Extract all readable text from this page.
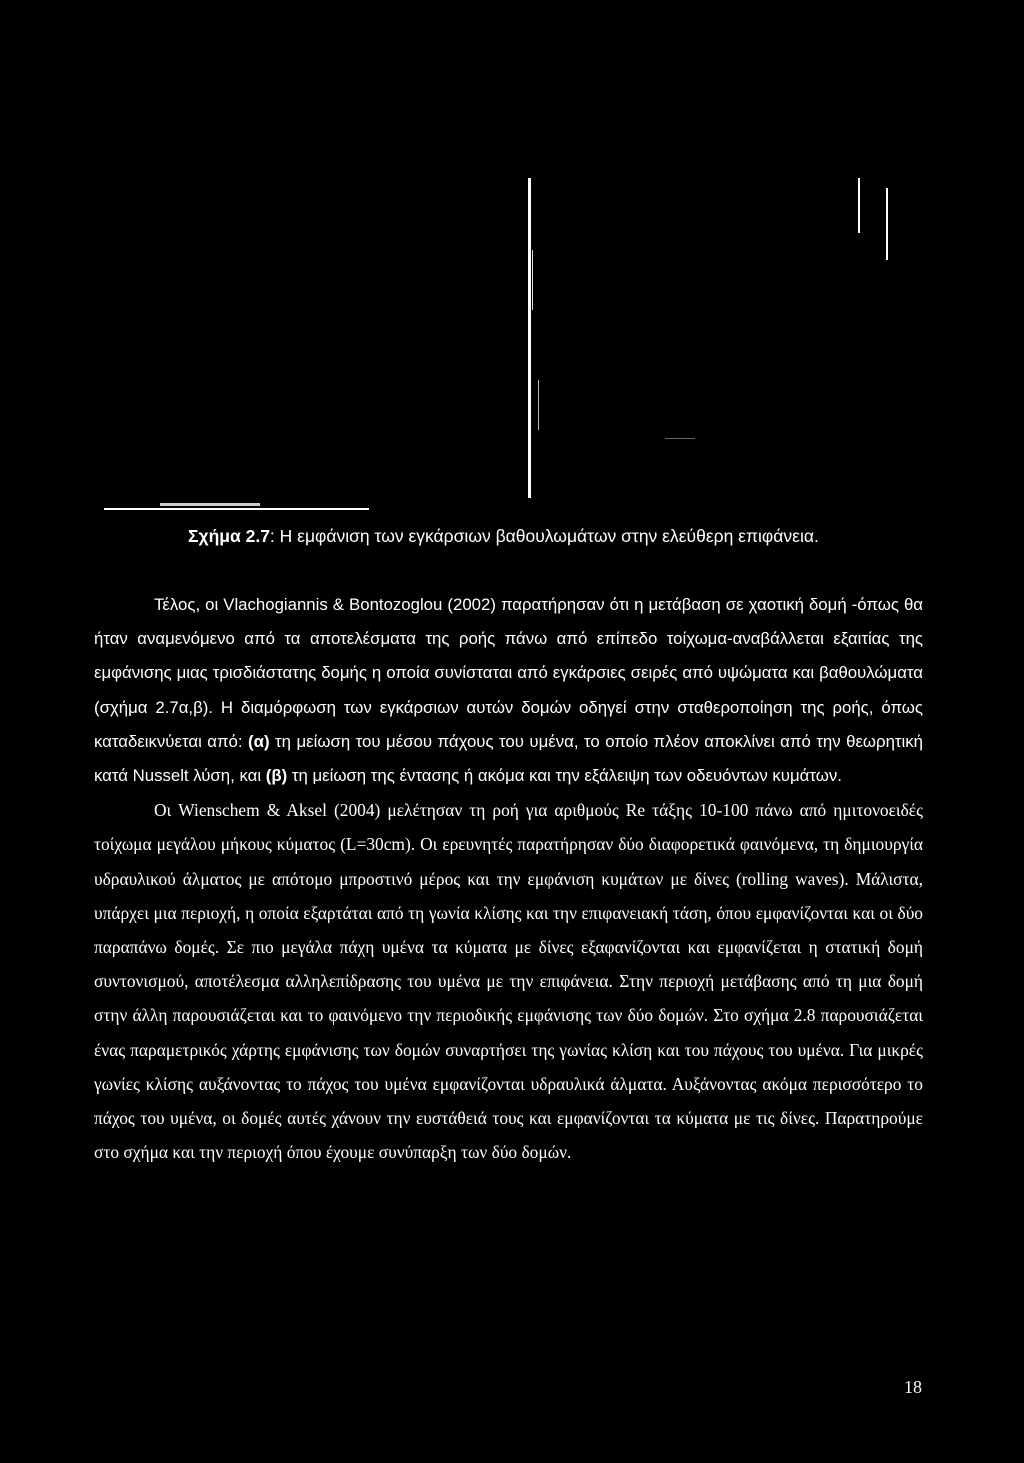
Σχήμα 2.7: Η εμφάνιση των εγκάρσιων βαθουλωμάτων στην ελεύθερη επιφάνεια.

Τέλος, οι Vlachogiannis & Bontozoglou (2002) παρατήρησαν ότι η μετάβαση σε χαοτική δομή -όπως θα ήταν αναμενόμενο από τα αποτελέσματα της ροής πάνω από επίπεδο τοίχωμα-αναβάλλεται εξαιτίας της εμφάνισης μιας τρισδιάστατης δομής η οποία συνίσταται από εγκάρσιες σειρές από υψώματα και βαθουλώματα (σχήμα 2.7α,β). Η διαμόρφωση των εγκάρσιων αυτών δομών οδηγεί στην σταθεροποίηση της ροής, όπως καταδεικνύεται από: (α) τη μείωση του μέσου πάχους του υμένα, το οποίο πλέον αποκλίνει από την θεωρητική κατά Nusselt λύση, και (β) τη μείωση της έντασης ή ακόμα και την εξάλειψη των οδευόντων κυμάτων.

Οι Wienschem & Aksel (2004) μελέτησαν τη ροή για αριθμούς Re τάξης 10-100 πάνω από ημιτονοειδές τοίχωμα μεγάλου μήκους κύματος (L=30cm). Οι ερευνητές παρατήρησαν δύο διαφορετικά φαινόμενα, τη δημιουργία υδραυλικού άλματος με απότομο μπροστινό μέρος και την εμφάνιση κυμάτων με δίνες (rolling waves). Μάλιστα, υπάρχει μια περιοχή, η οποία εξαρτάται από τη γωνία κλίσης και την επιφανειακή τάση, όπου εμφανίζονται και οι δύο παραπάνω δομές. Σε πιο μεγάλα πάχη υμένα τα κύματα με δίνες εξαφανίζονται και εμφανίζεται η στατική δομή συντονισμού, αποτέλεσμα αλληλεπίδρασης του υμένα με την επιφάνεια. Στην περιοχή μετάβασης από τη μια δομή στην άλλη παρουσιάζεται και το φαινόμενο την περιοδικής εμφάνισης των δύο δομών. Στο σχήμα 2.8 παρουσιάζεται ένας παραμετρικός χάρτης εμφάνισης των δομών συναρτήσει της γωνίας κλίση και του πάχους του υμένα. Για μικρές γωνίες κλίσης αυξάνοντας το πάχος του υμένα εμφανίζονται υδραυλικά άλματα. Αυξάνοντας ακόμα περισσότερο το πάχος του υμένα, οι δομές αυτές χάνουν την ευστάθειά τους και εμφανίζονται τα κύματα με τις δίνες. Παρατηρούμε στο σχήμα και την περιοχή όπου έχουμε συνύπαρξη των δύο δομών.

18
